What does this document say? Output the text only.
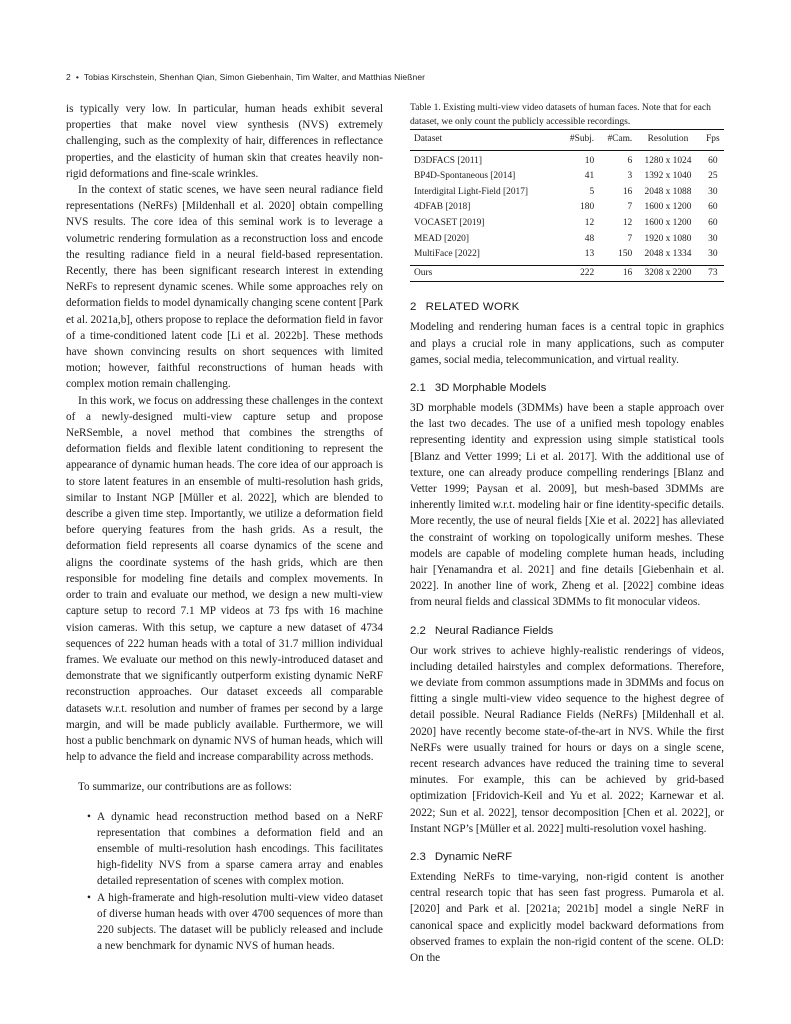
2 • Tobias Kirschstein, Shenhan Qian, Simon Giebenhain, Tim Walter, and Matthias Nießner

is typically very low. In particular, human heads exhibit several properties that make novel view synthesis (NVS) extremely challenging, such as the complexity of hair, differences in reflectance properties, and the elasticity of human skin that creates heavily non-rigid deformations and fine-scale wrinkles.

In the context of static scenes, we have seen neural radiance field representations (NeRFs) [Mildenhall et al. 2020] obtain compelling NVS results. The core idea of this seminal work is to leverage a volumetric rendering formulation as a reconstruction loss and encode the resulting radiance field in a neural field-based representation. Recently, there has been significant research interest in extending NeRFs to represent dynamic scenes. While some approaches rely on deformation fields to model dynamically changing scene content [Park et al. 2021a,b], others propose to replace the deformation field in favor of a time-conditioned latent code [Li et al. 2022b]. These methods have shown convincing results on short sequences with limited motion; however, faithful reconstructions of human heads with complex motion remain challenging.

In this work, we focus on addressing these challenges in the context of a newly-designed multi-view capture setup and propose NeRSemble, a novel method that combines the strengths of deformation fields and flexible latent conditioning to represent the appearance of dynamic human heads. The core idea of our approach is to store latent features in an ensemble of multi-resolution hash grids, similar to Instant NGP [Müller et al. 2022], which are blended to describe a given time step. Importantly, we utilize a deformation field before querying features from the hash grids. As a result, the deformation field represents all coarse dynamics of the scene and aligns the coordinate systems of the hash grids, which are then responsible for modeling fine details and complex movements. In order to train and evaluate our method, we design a new multi-view capture setup to record 7.1 MP videos at 73 fps with 16 machine vision cameras. With this setup, we capture a new dataset of 4734 sequences of 222 human heads with a total of 31.7 million individual frames. We evaluate our method on this newly-introduced dataset and demonstrate that we significantly outperform existing dynamic NeRF reconstruction approaches. Our dataset exceeds all comparable datasets w.r.t. resolution and number of frames per second by a large margin, and will be made publicly available. Furthermore, we will host a public benchmark on dynamic NVS of human heads, which will help to advance the field and increase comparability across methods.

To summarize, our contributions are as follows:

• A dynamic head reconstruction method based on a NeRF representation that combines a deformation field and an ensemble of multi-resolution hash encodings. This facilitates high-fidelity NVS from a sparse camera array and enables detailed representation of scenes with complex motion.
• A high-framerate and high-resolution multi-view video dataset of diverse human heads with over 4700 sequences of more than 220 subjects. The dataset will be publicly released and include a new benchmark for dynamic NVS of human heads.

Table 1. Existing multi-view video datasets of human faces. Note that for each dataset, we only count the publicly accessible recordings.

Dataset	#Subj.	#Cam.	Resolution	Fps
D3DFACS [2011]	10	6	1280 x 1024	60
BP4D-Spontaneous [2014]	41	3	1392 x 1040	25
Interdigital Light-Field [2017]	5	16	2048 x 1088	30
4DFAB [2018]	180	7	1600 x 1200	60
VOCASET [2019]	12	12	1600 x 1200	60
MEAD [2020]	48	7	1920 x 1080	30
MultiFace [2022]	13	150	2048 x 1334	30
Ours	222	16	3208 x 2200	73
2 RELATED WORK

Modeling and rendering human faces is a central topic in graphics and plays a crucial role in many applications, such as computer games, social media, telecommunication, and virtual reality.

2.1 3D Morphable Models

3D morphable models (3DMMs) have been a staple approach over the last two decades. The use of a unified mesh topology enables representing identity and expression using simple statistical tools [Blanz and Vetter 1999; Li et al. 2017]. With the additional use of texture, one can already produce compelling renderings [Blanz and Vetter 1999; Paysan et al. 2009], but mesh-based 3DMMs are inherently limited w.r.t. modeling hair or fine identity-specific details. More recently, the use of neural fields [Xie et al. 2022] has alleviated the constraint of working on topologically uniform meshes. These models are capable of modeling complete human heads, including hair [Yenamandra et al. 2021] and fine details [Giebenhain et al. 2022]. In another line of work, Zheng et al. [2022] combine ideas from neural fields and classical 3DMMs to fit monocular videos.

2.2 Neural Radiance Fields

Our work strives to achieve highly-realistic renderings of videos, including detailed hairstyles and complex deformations. Therefore, we deviate from common assumptions made in 3DMMs and focus on fitting a single multi-view video sequence to the highest degree of detail possible. Neural Radiance Fields (NeRFs) [Mildenhall et al. 2020] have recently become state-of-the-art in NVS. While the first NeRFs were usually trained for hours or days on a single scene, recent research advances have reduced the training time to several minutes. For example, this can be achieved by grid-based optimization [Fridovich-Keil and Yu et al. 2022; Karnewar et al. 2022; Sun et al. 2022], tensor decomposition [Chen et al. 2022], or Instant NGP’s [Müller et al. 2022] multi-resolution voxel hashing.

2.3 Dynamic NeRF

Extending NeRFs to time-varying, non-rigid content is another central research topic that has seen fast progress. Pumarola et al. [2020] and Park et al. [2021a; 2021b] model a single NeRF in canonical space and explicitly model backward deformations from observed frames to explain the non-rigid content of the scene. OLD: On the
